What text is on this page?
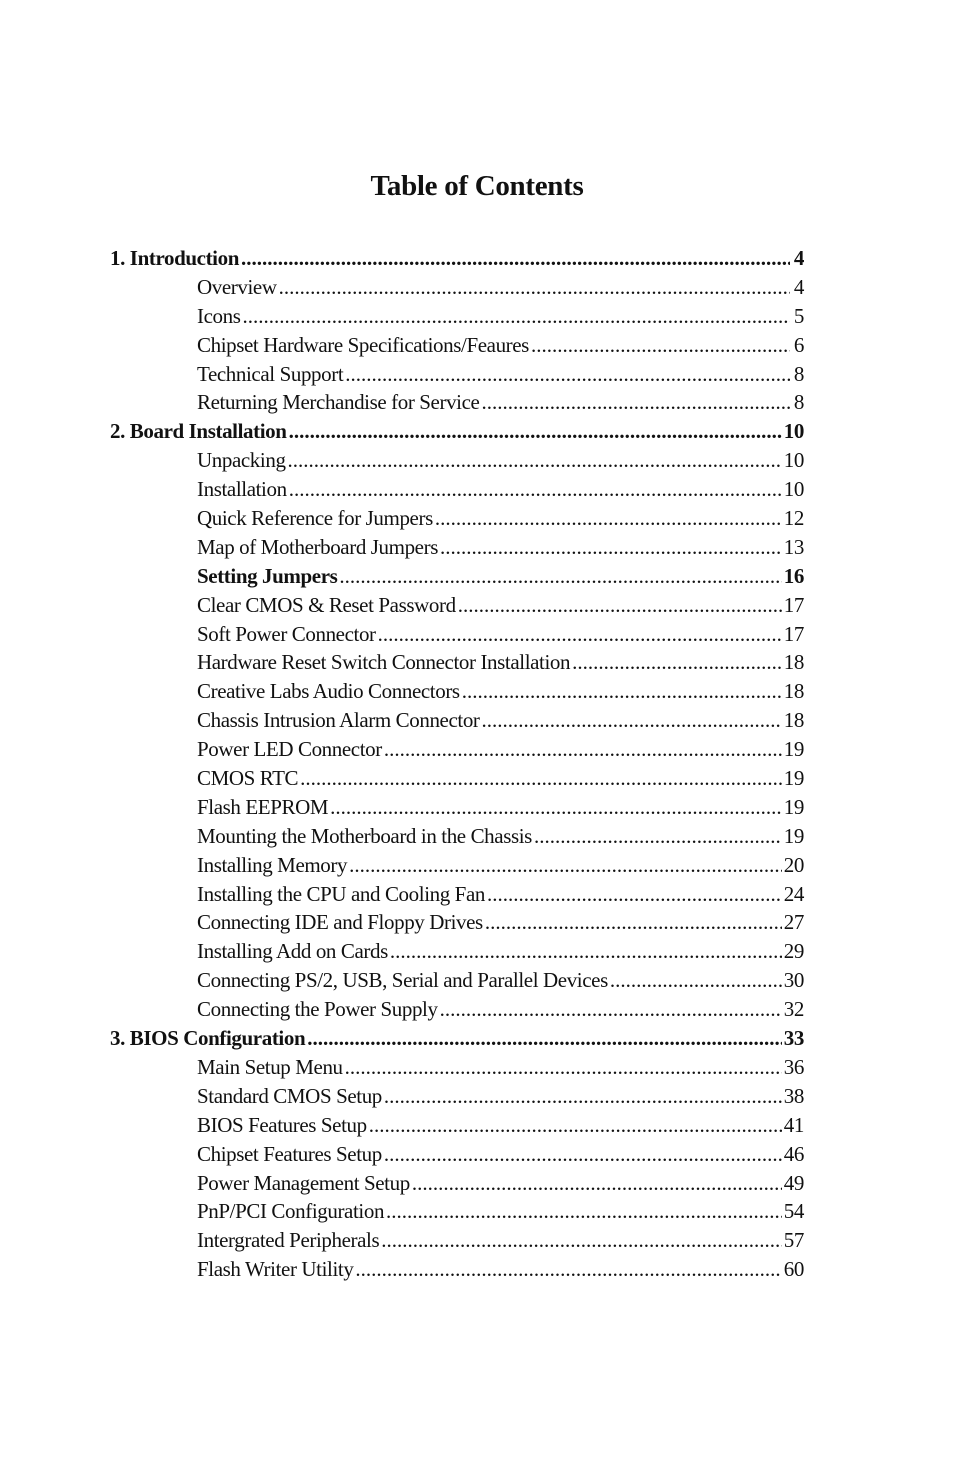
Table of Contents
1. Introduction .....	4
Overview .....	4
Icons .....	5
Chipset Hardware Specifications/Feaures .....	6
Technical Support .....	8
Returning Merchandise for Service .....	8
2. Board Installation .....	10
Unpacking .....	10
Installation .....	10
Quick Reference for Jumpers .....	12
Map of Motherboard Jumpers .....	13
Setting Jumpers .....	16
Clear CMOS & Reset Password .....	17
Soft Power Connector .....	17
Hardware Reset Switch Connector Installation .....	18
Creative Labs Audio Connectors .....	18
Chassis Intrusion Alarm Connector .....	18
Power LED Connector .....	19
CMOS RTC .....	19
Flash EEPROM .....	19
Mounting the Motherboard in the Chassis .....	19
Installing Memory .....	20
Installing the CPU and Cooling Fan .....	24
Connecting IDE and Floppy Drives .....	27
Installing Add on Cards .....	29
Connecting PS/2, USB, Serial and Parallel Devices .....	30
Connecting the Power Supply .....	32
3. BIOS Configuration .....	33
Main Setup Menu .....	36
Standard CMOS Setup .....	38
BIOS Features Setup .....	41
Chipset Features Setup .....	46
Power Management Setup .....	49
PnP/PCI Configuration .....	54
Intergrated Peripherals .....	57
Flash Writer Utility .....	60
